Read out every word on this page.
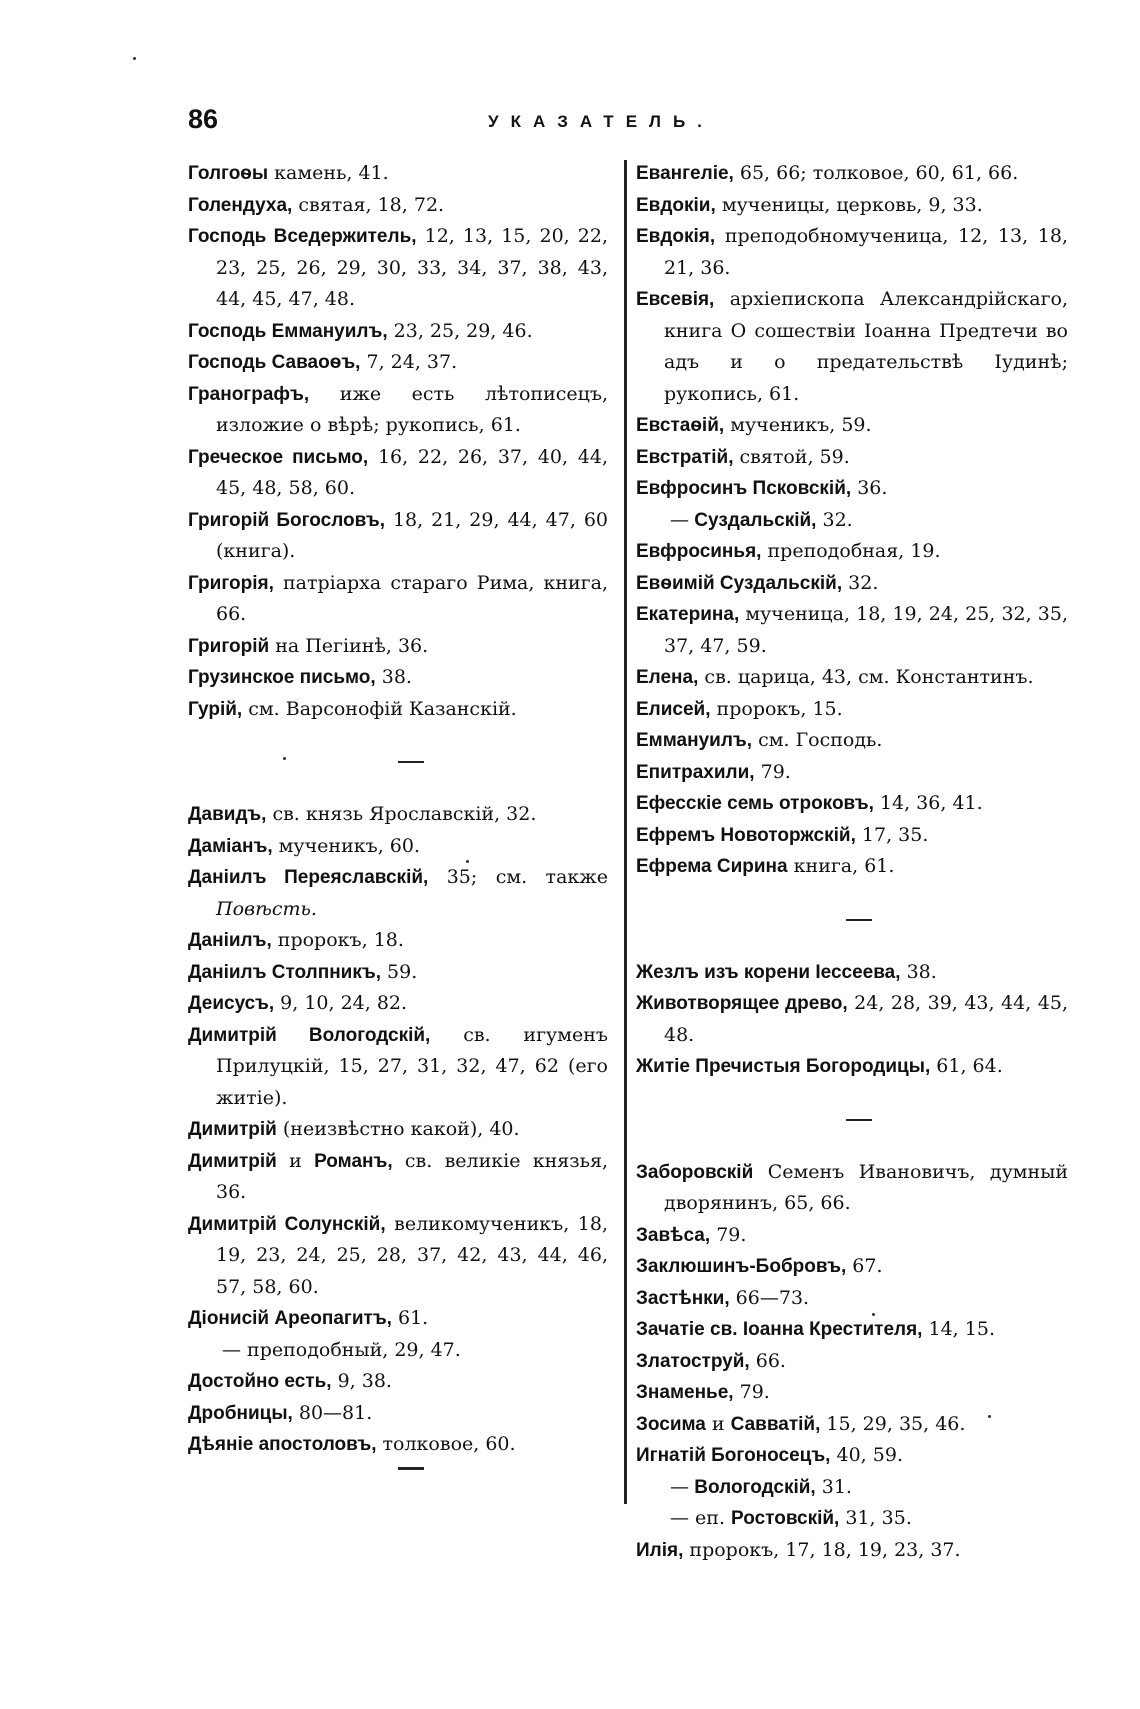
86	УКАЗАТЕЛЬ.

Голгоѳы камень, 41.

Голендуха, святая, 18, 72.

Господь Вседержитель, 12, 13, 15, 20, 22, 23, 25, 26, 29, 30, 33, 34, 37, 38, 43, 44, 45, 47, 48.

Господь Еммануилъ, 23, 25, 29, 46.

Господь Саваоѳъ, 7, 24, 37.

Гранографъ, иже есть лѣтописецъ, изложие о вѣрѣ; рукопись, 61.

Греческое письмо, 16, 22, 26, 37, 40, 44, 45, 48, 58, 60.

Григорій Богословъ, 18, 21, 29, 44, 47, 60 (книга).

Григорія, патріарха стараго Рима, книга, 66.

Григорій на Пегіинѣ, 36.

Грузинское письмо, 38.

Гурій, см. Варсонофій Казанскій.

Давидъ, св. князь Ярославскій, 32.

Даміанъ, мученикъ, 60.

Даніилъ Переяславскій, 35; см. также Повѣсть.

Даніилъ, пророкъ, 18.

Даніилъ Столпникъ, 59.

Деисусъ, 9, 10, 24, 82.

Димитрій Вологодскій, св. игуменъ Прилуцкій, 15, 27, 31, 32, 47, 62 (его житіе).

Димитрій (неизвѣстно какой), 40.

Димитрій и Романъ, св. великіе князья, 36.

Димитрій Солунскій, великомученикъ, 18, 19, 23, 24, 25, 28, 37, 42, 43, 44, 46, 57, 58, 60.

Діонисій Ареопагитъ, 61.

— преподобный, 29, 47.

Достойно есть, 9, 38.

Дробницы, 80—81.

Дѣяніе апостоловъ, толковое, 60.

Евангеліе, 65, 66; толковое, 60, 61, 66.

Евдокіи, мученицы, церковь, 9, 33.

Евдокія, преподобномученица, 12, 13, 18, 21, 36.

Евсевія, архіепископа Александрійскаго, книга О сошествіи Іоанна Предтечи во адъ и о предательствѣ Іудинѣ; рукопись, 61.

Евстаѳій, мученикъ, 59.

Евстратій, святой, 59.

Евфросинъ Псковскій, 36.

— Суздальскій, 32.

Евфросинья, преподобная, 19.

Евѳимій Суздальскій, 32.

Екатерина, мученица, 18, 19, 24, 25, 32, 35, 37, 47, 59.

Елена, св. царица, 43, см. Константинъ.

Елисей, пророкъ, 15.

Еммануилъ, см. Господь.

Епитрахили, 79.

Ефесскіе семь отроковъ, 14, 36, 41.

Ефремъ Новоторжскій, 17, 35.

Ефрема Сирина книга, 61.

Жезлъ изъ корени Іессеева, 38.

Животворящее древо, 24, 28, 39, 43, 44, 45, 48.

Житіе Пречистыя Богородицы, 61, 64.

Заборовскій Семенъ Ивановичъ, думный дворянинъ, 65, 66.

Завѣса, 79.

Заклюшинъ-Бобровъ, 67.

Застѣнки, 66—73.

Зачатіе св. Іоанна Крестителя, 14, 15.

Златоструй, 66.

Знаменье, 79.

Зосима и Савватій, 15, 29, 35, 46.

Игнатій Богоносецъ, 40, 59.

— Вологодскій, 31.

— еп. Ростовскій, 31, 35.

Илія, пророкъ, 17, 18, 19, 23, 37.
